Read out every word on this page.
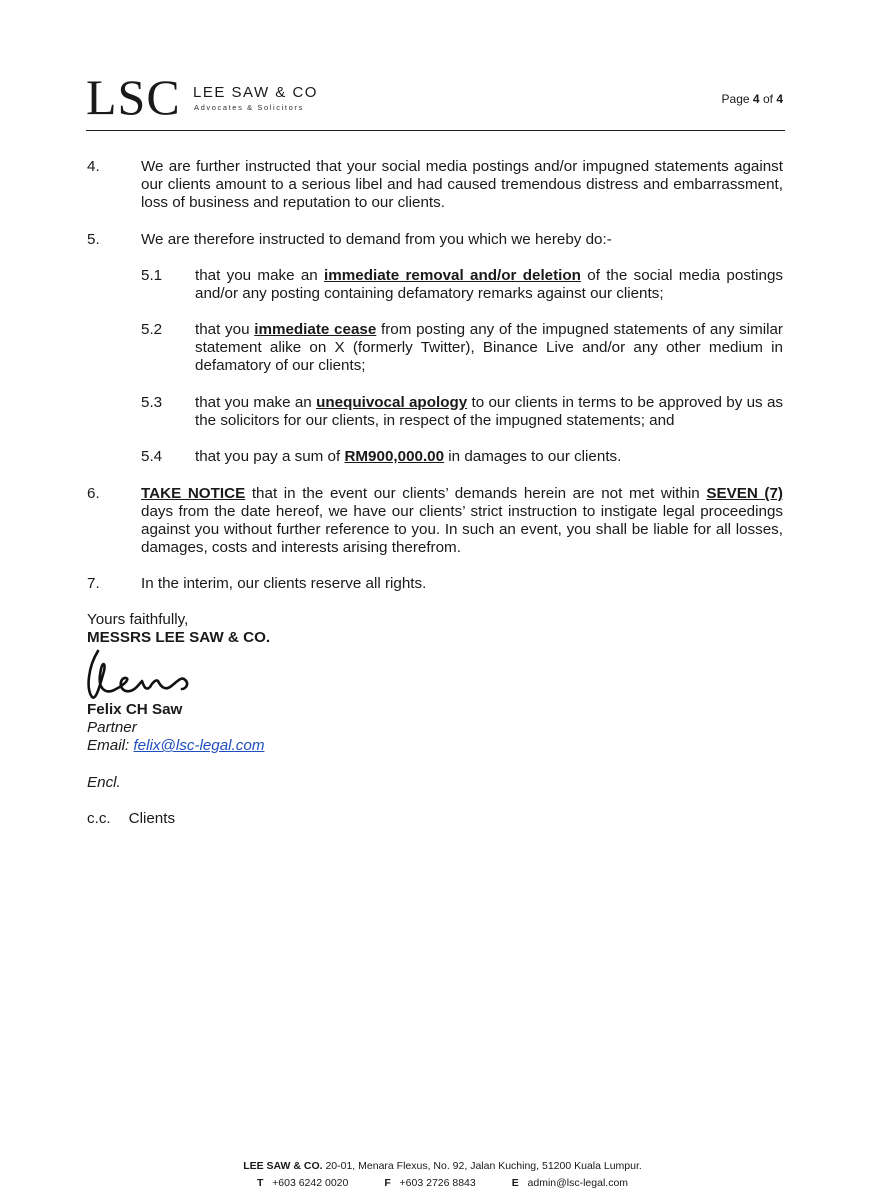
LSC LEE SAW & CO
Advocates & Solicitors
Page 4 of 4
4.	We are further instructed that your social media postings and/or impugned statements against our clients amount to a serious libel and had caused tremendous distress and embarrassment, loss of business and reputation to our clients.
5.	We are therefore instructed to demand from you which we hereby do:-
5.1 that you make an immediate removal and/or deletion of the social media postings and/or any posting containing defamatory remarks against our clients;
5.2 that you immediate cease from posting any of the impugned statements of any similar statement alike on X (formerly Twitter), Binance Live and/or any other medium in defamatory of our clients;
5.3 that you make an unequivocal apology to our clients in terms to be approved by us as the solicitors for our clients, in respect of the impugned statements; and
5.4 that you pay a sum of RM900,000.00 in damages to our clients.
6.	TAKE NOTICE that in the event our clients’ demands herein are not met within SEVEN (7) days from the date hereof, we have our clients’ strict instruction to instigate legal proceedings against you without further reference to you. In such an event, you shall be liable for all losses, damages, costs and interests arising therefrom.
7.	In the interim, our clients reserve all rights.
Yours faithfully,
MESSRS LEE SAW & CO.
Felix CH Saw
Partner
Email: felix@lsc-legal.com
Encl.
c.c. Clients
LEE SAW & CO. 20-01, Menara Flexus, No. 92, Jalan Kuching, 51200 Kuala Lumpur.
T +603 6242 0020	F +603 2726 8843	E admin@lsc-legal.com
